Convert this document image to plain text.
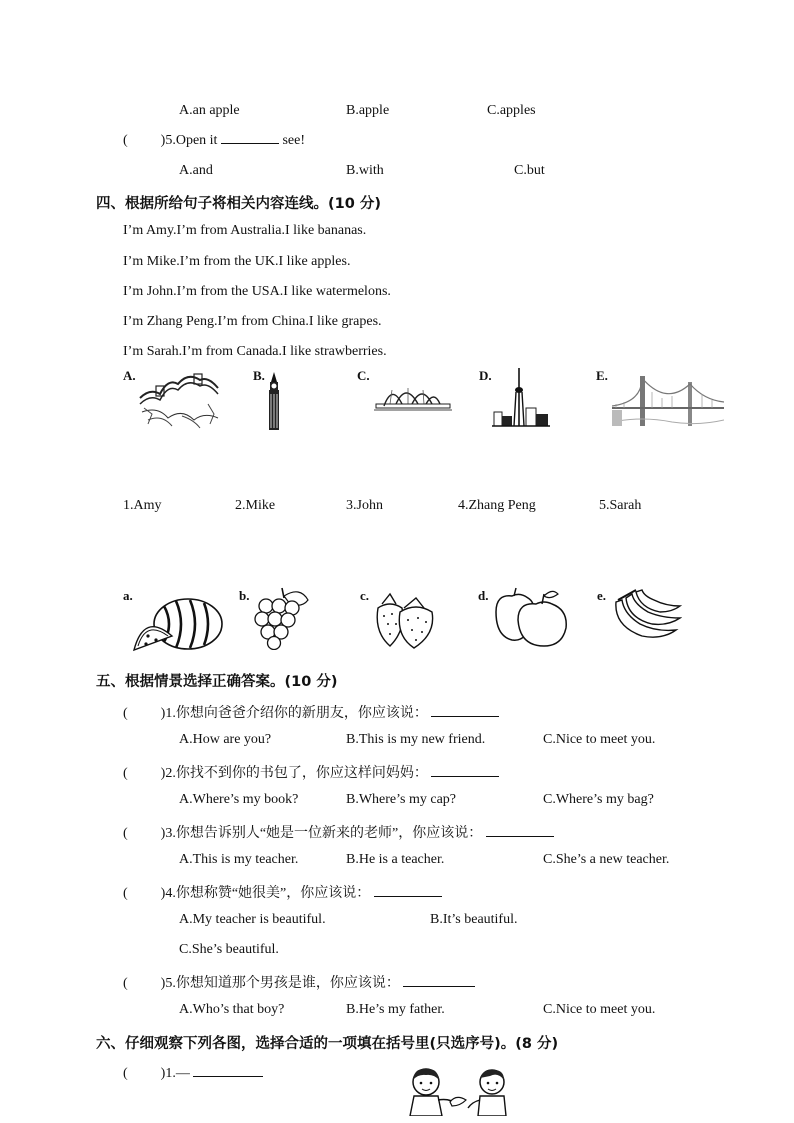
A.an apple	B.apple	C.apples
( )5.Open it	see!
A.and	B.with	C.but
四、根据所给句子将相关内容连线。(10 分)
I’m Amy.I’m from Australia.I like bananas.
I’m Mike.I’m from the UK.I like apples.
I’m John.I’m from the USA.I like watermelons.
I’m Zhang Peng.I’m from China.I like grapes.
I’m Sarah.I’m from Canada.I like strawberries.
A.	B.	C.	D.	E.
1.Amy	2.Mike	3.John	4.Zhang Peng	5.Sarah
a.	b.	c.	d.	e.
五、根据情景选择正确答案。(10 分)
( )1.你想向爸爸介绍你的新朋友，你应该说：
A.How are you?	B.This is my new friend.	C.Nice to meet you.
( )2.你找不到你的书包了，你应这样问妈妈：
A.Where’s my book?	B.Where’s my cap?	C.Where’s my bag?
( )3.你想告诉别人“她是一位新来的老师”，你应该说：
A.This is my teacher.	B.He is a teacher.	C.She’s a new teacher.
( )4.你想称赞“她很美”，你应该说：
A.My teacher is beautiful.	B.It’s beautiful.
C.She’s beautiful.
( )5.你想知道那个男孩是谁，你应该说：
A.Who’s that boy?	B.He’s my father.	C.Nice to meet you.
六、仔细观察下列各图，选择合适的一项填在括号里(只选序号)。(8 分)
( )1.—
